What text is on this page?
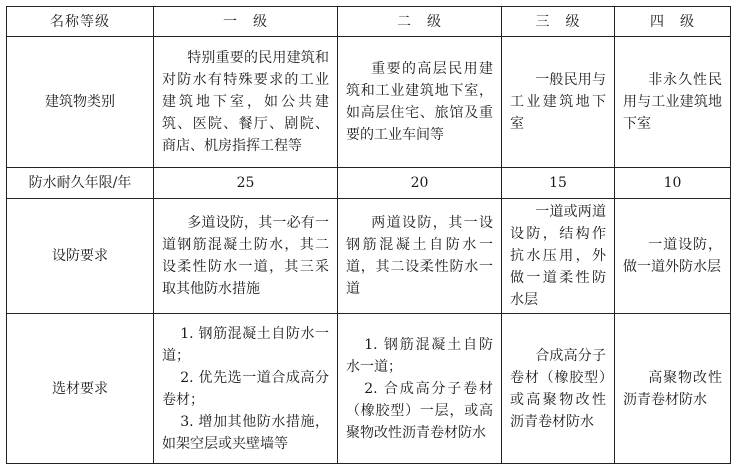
名称等级	一　级	二　级	三　级	四　级
建筑物类别	特别重要的民用建筑和对防水有特殊要求的工业建筑地下室，如公共建筑、医院、餐厅、剧院、商店、机房指挥工程等	重要的高层民用建筑和工业建筑地下室，如高层住宅、旅馆及重要的工业车间等	一般民用与工业建筑地下室	非永久性民用与工业建筑地下室
防水耐久年限/年	25	20	15	10
设防要求	多道设防，其一必有一道钢筋混凝土防水，其二设柔性防水一道，其三采取其他防水措施	两道设防，其一设钢筋混凝土自防水一道，其二设柔性防水一道	一道或两道设防，结构作抗水压用，外做一道柔性防水层	一道设防，做一道外防水层
选材要求	1. 钢筋混凝土自防水一道；
2. 优先选一道合成高分卷材；
3. 增加其他防水措施，如架空层或夹壁墙等	1. 钢筋混凝土自防水一道；
2. 合成高分子卷材（橡胶型）一层，或高聚物改性沥青卷材防水	合成高分子卷材（橡胶型）或高聚物改性沥青卷材防水	高聚物改性沥青卷材防水
